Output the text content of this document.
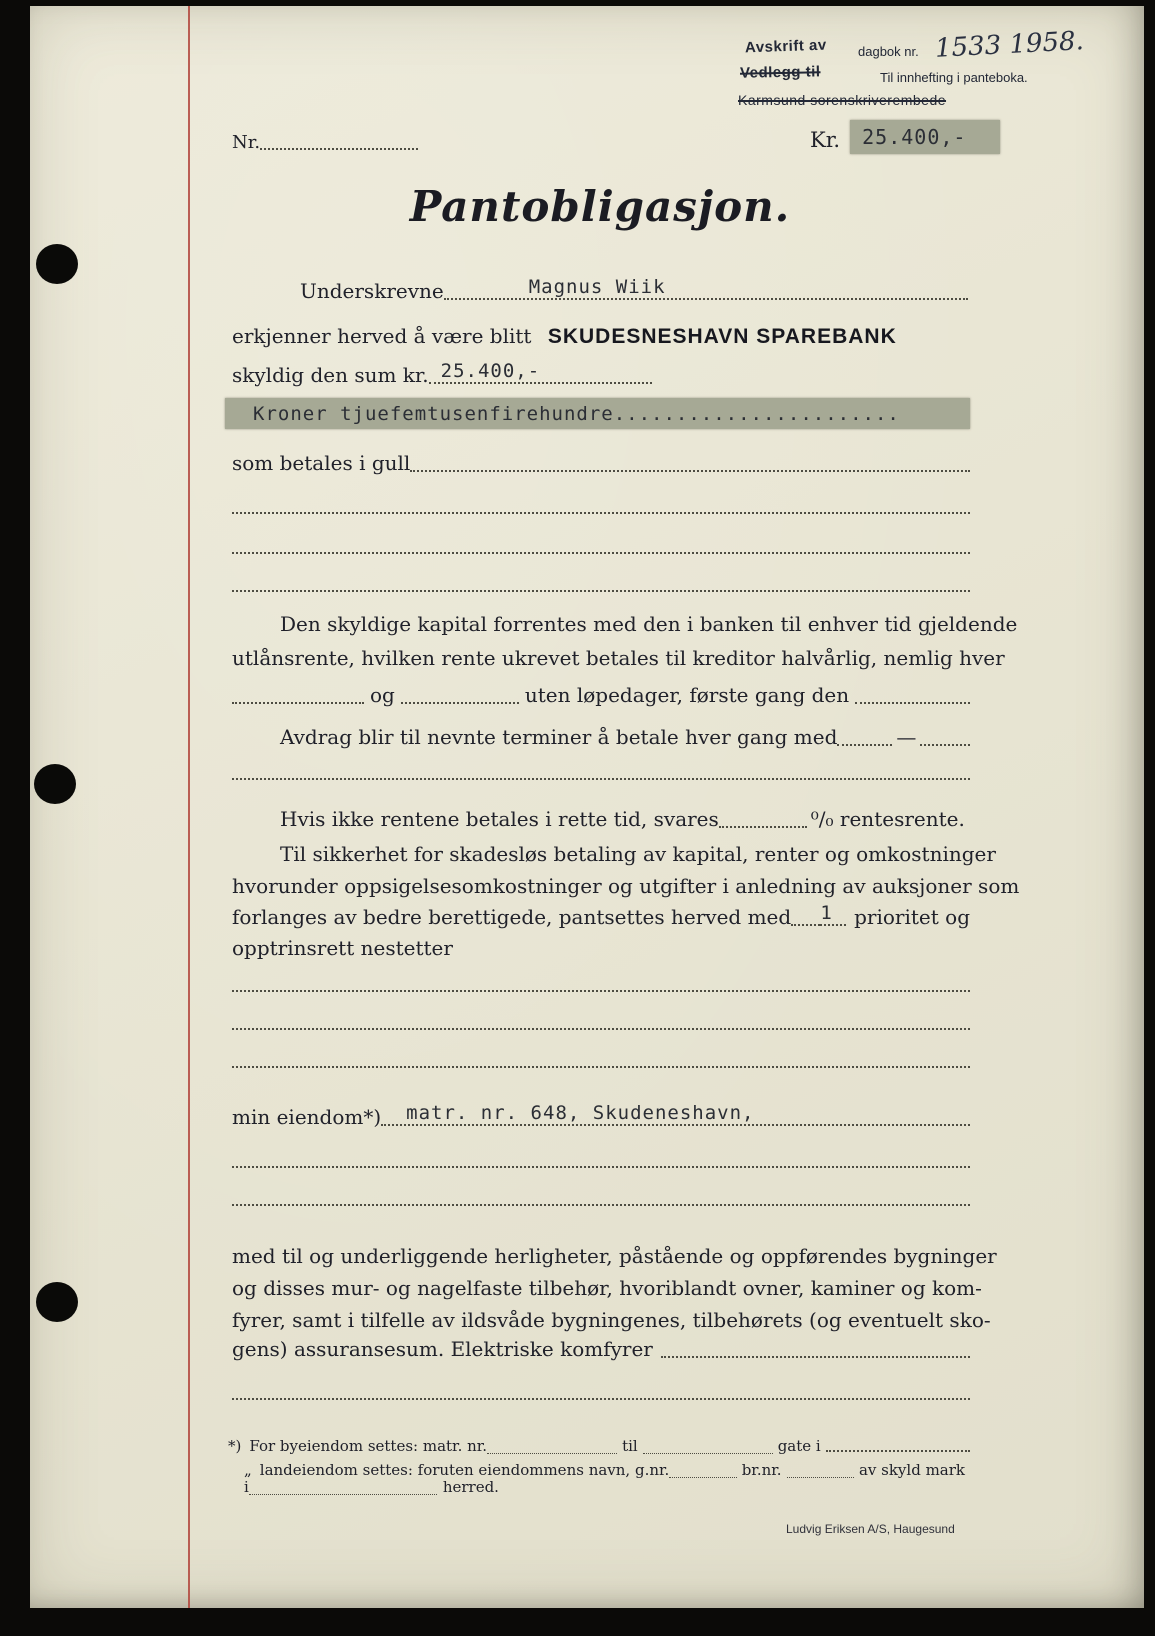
Avskrift av dagbok nr. 1533 1958.
Vedlegg til	Til innhefting i panteboka.
Karmsund sorenskriverembede
Nr.	Kr. 25.400,-
Pantobligasjon.
Underskrevne	Magnus Wiik
erkjenner herved å være blitt SKUDESNESHAVN SPAREBANK
skyldig den sum kr. 25.400,-
Kroner tjuefemtusenfirehundre.......................
som betales i gull
Den skyldige kapital forrentes med den i banken til enhver tid gjeldende
utlånsrente, hvilken rente ukrevet betales til kreditor halvårlig, nemlig hver
og	uten løpedager, første gang den
Avdrag blir til nevnte terminer å betale hver gang med	—
Hvis ikke rentene betales i rette tid, svares	⁰/₀ rentesrente.
Til sikkerhet for skadesløs betaling av kapital, renter og omkostninger
hvorunder oppsigelsesomkostninger og utgifter i anledning av auksjoner som
forlanges av bedre berettigede, pantsettes herved med 1 prioritet og
opptrinsrett nestetter
min eiendom*) matr. nr. 648, Skudeneshavn,
med til og underliggende herligheter, påstående og oppførendes bygninger
og disses mur- og nagelfaste tilbehør, hvoriblandt ovner, kaminer og kom-
fyrer, samt i tilfelle av ildsvåde bygningenes, tilbehørets (og eventuelt sko-
gens) assuransesum. Elektriske komfyrer
*) For byeiendom settes: matr. nr.	til	gate i
„ landeiendom settes: foruten eiendommens navn, g.nr.	br.nr.	av skyld mark
i	herred.
Ludvig Eriksen A/S, Haugesund
